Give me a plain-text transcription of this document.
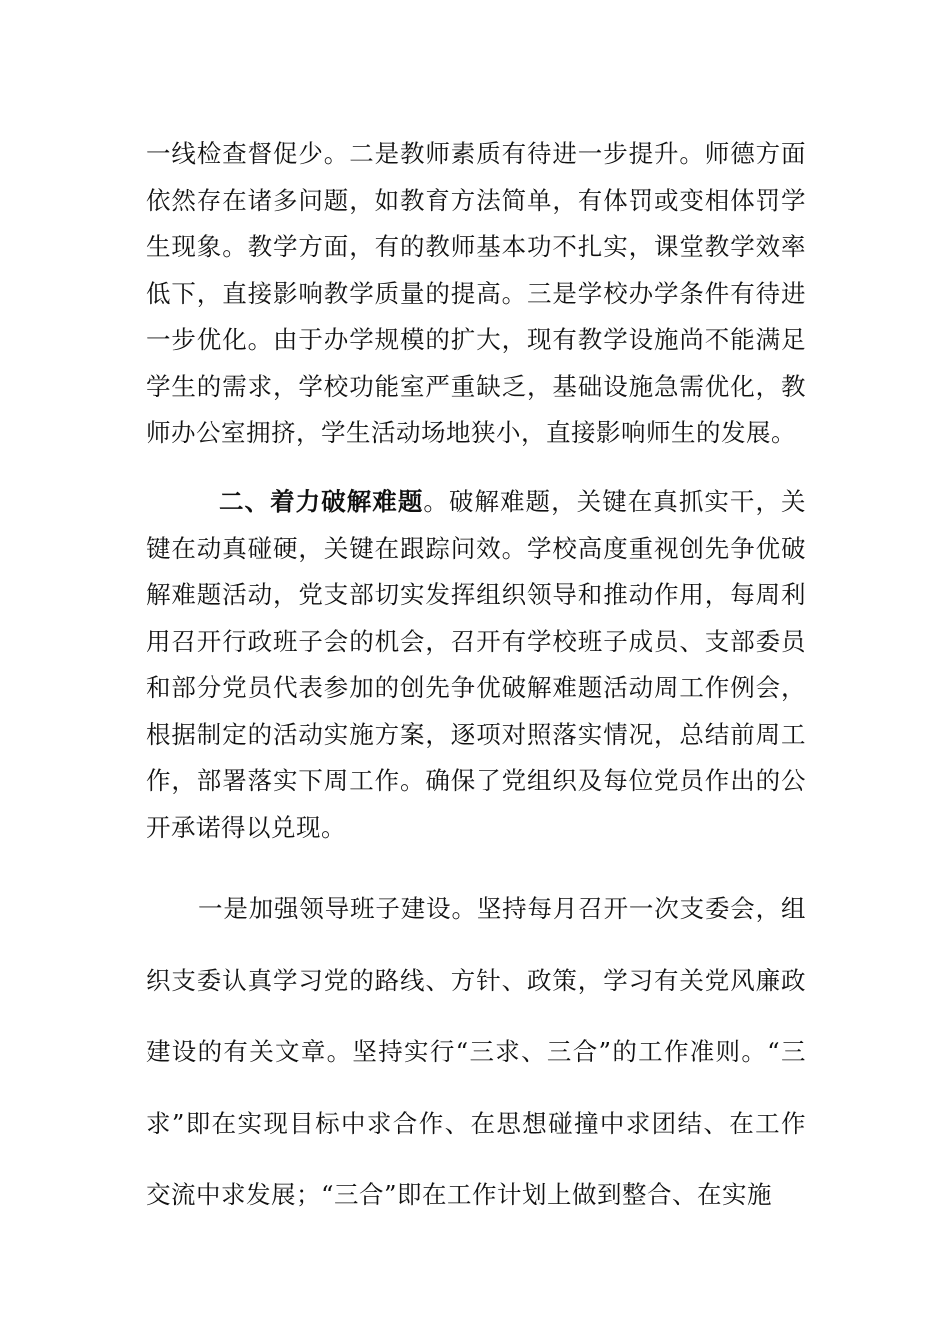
一线检查督促少。二是教师素质有待进一步提升。师德方面依然存在诸多问题，如教育方法简单，有体罚或变相体罚学生现象。教学方面，有的教师基本功不扎实，课堂教学效率低下，直接影响教学质量的提高。三是学校办学条件有待进一步优化。由于办学规模的扩大，现有教学设施尚不能满足学生的需求，学校功能室严重缺乏，基础设施急需优化，教师办公室拥挤，学生活动场地狭小，直接影响师生的发展。

二、着力破解难题。破解难题，关键在真抓实干，关键在动真碰硬，关键在跟踪问效。学校高度重视创先争优破解难题活动，党支部切实发挥组织领导和推动作用，每周利用召开行政班子会的机会，召开有学校班子成员、支部委员和部分党员代表参加的创先争优破解难题活动周工作例会，根据制定的活动实施方案，逐项对照落实情况，总结前周工作，部署落实下周工作。确保了党组织及每位党员作出的公开承诺得以兑现。

一是加强领导班子建设。坚持每月召开一次支委会，组织支委认真学习党的路线、方针、政策，学习有关党风廉政建设的有关文章。坚持实行“三求、三合”的工作准则。“三求”即在实现目标中求合作、在思想碰撞中求团结、在工作交流中求发展；“三合”即在工作计划上做到整合、在实施
